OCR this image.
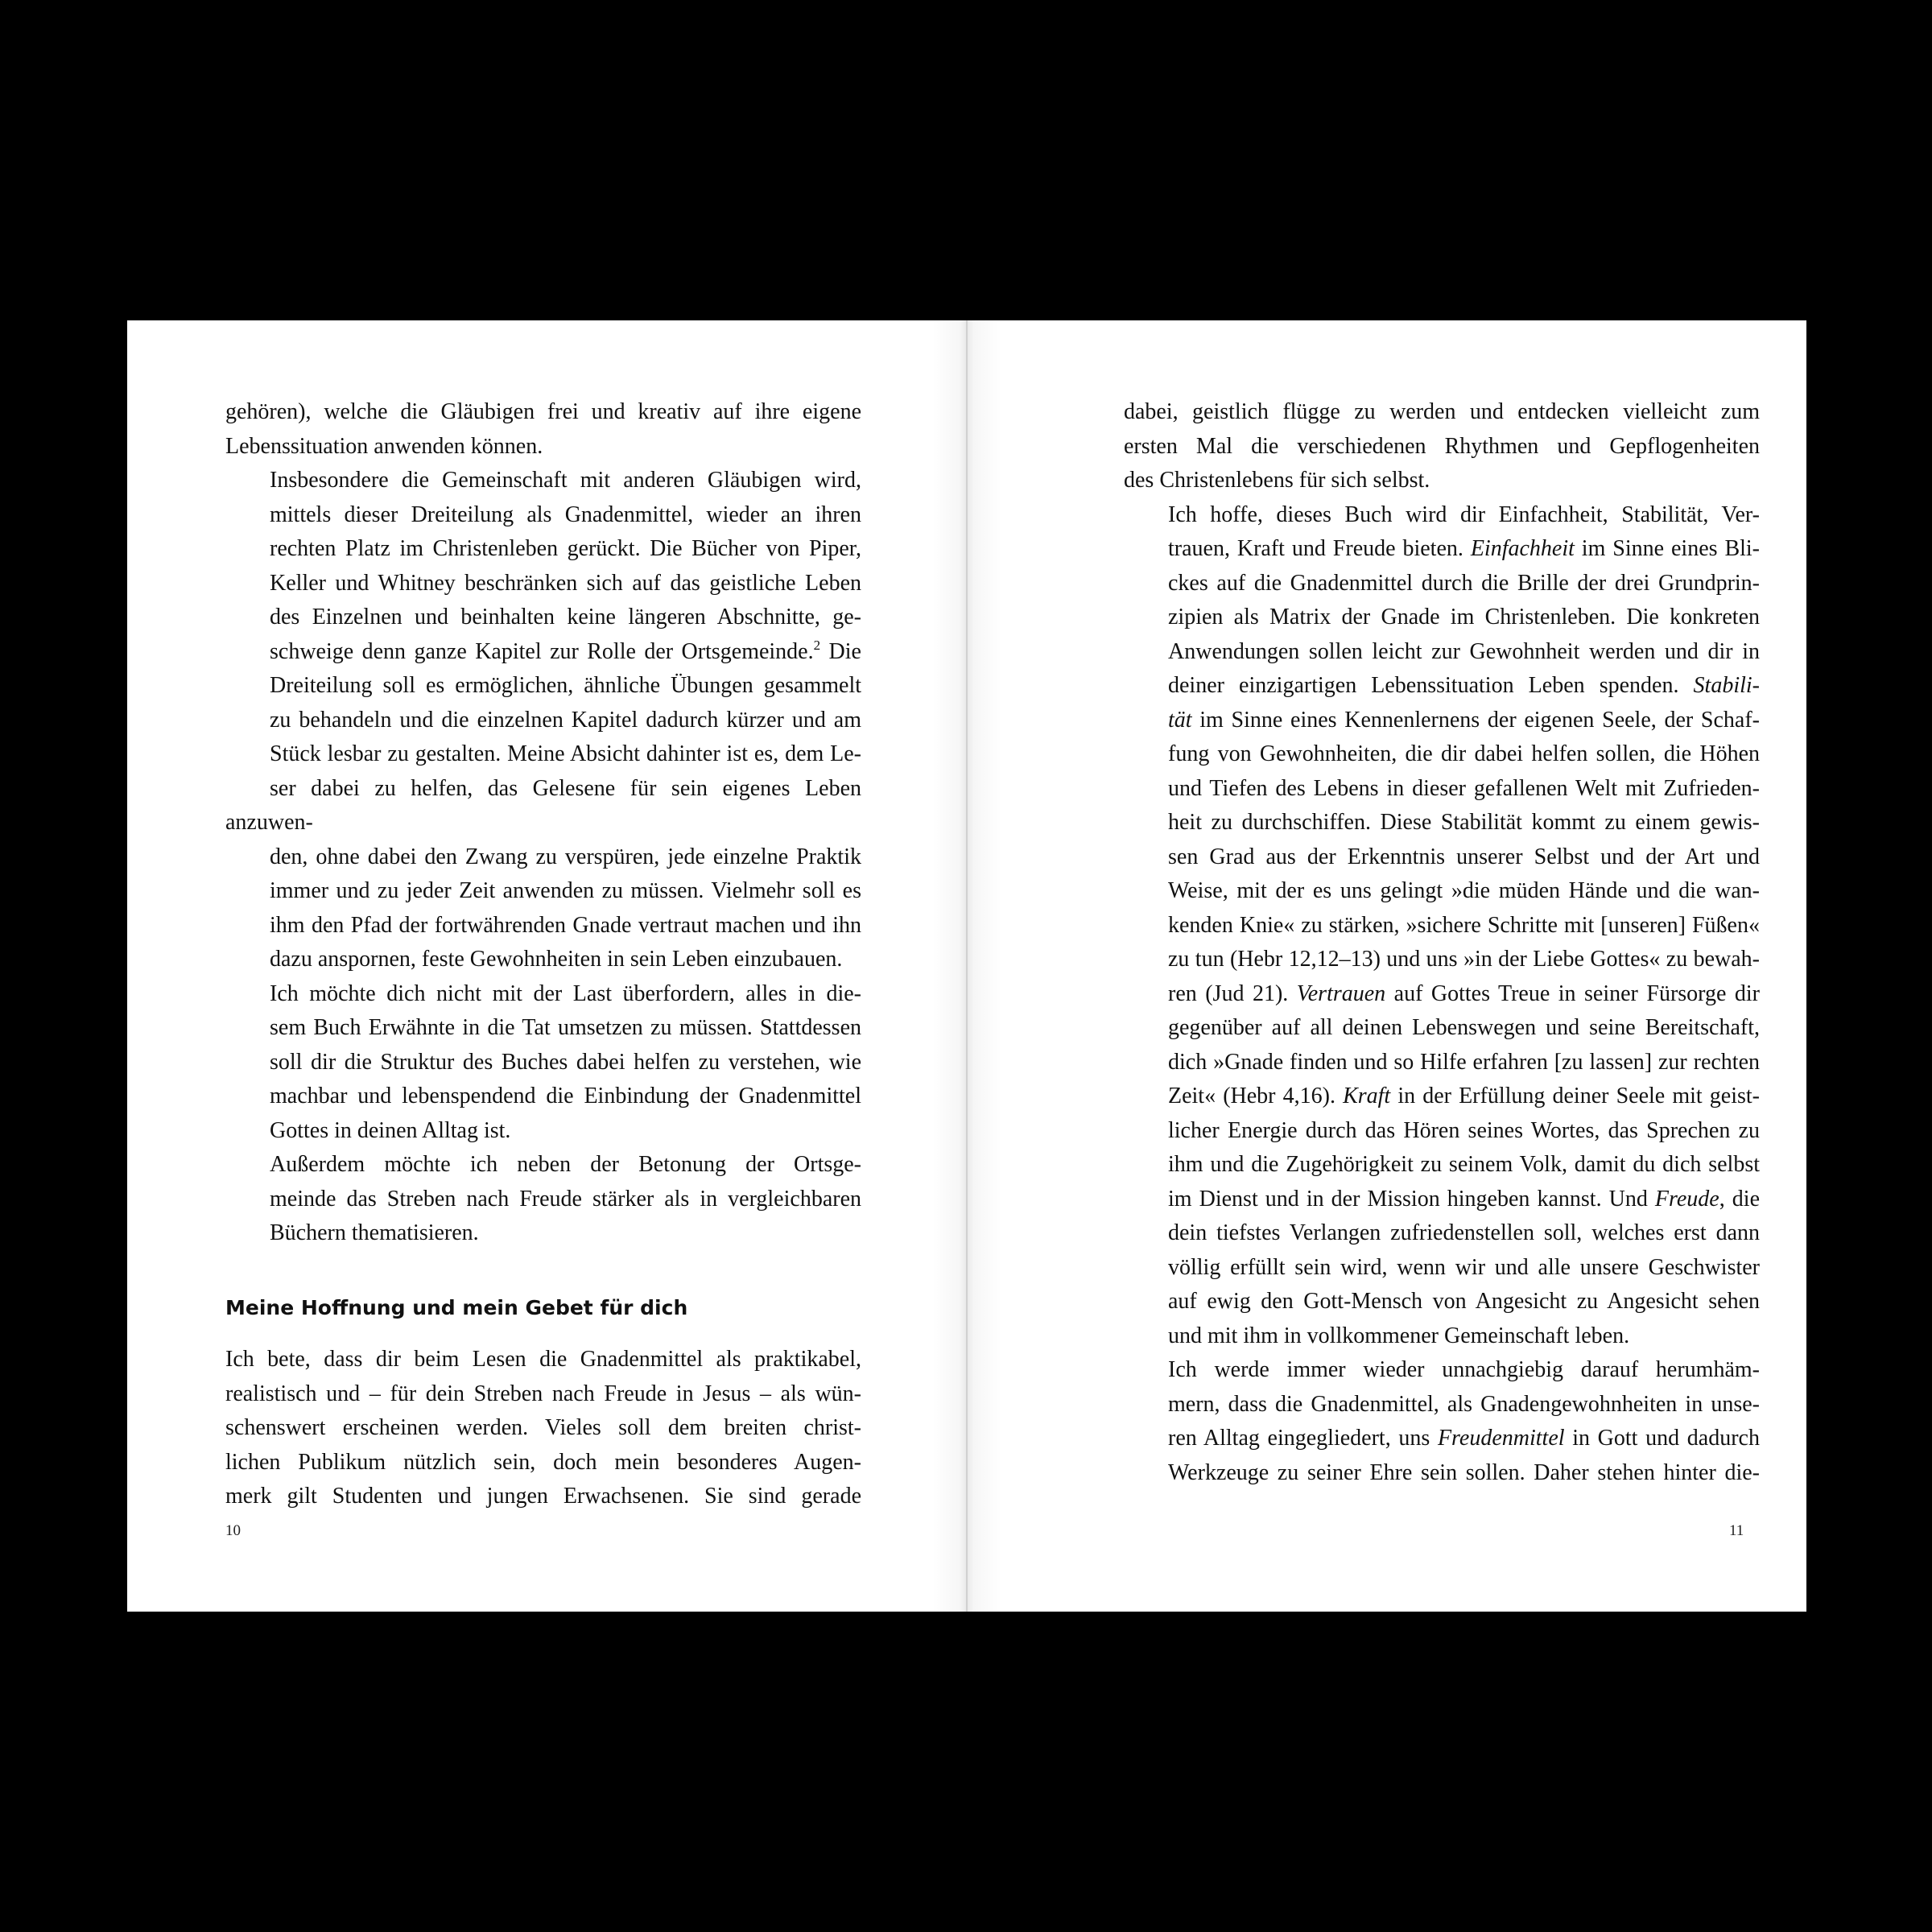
gehören), welche die Gläubigen frei und kreativ auf ihre eigene
Lebenssituation anwenden können.

Insbesondere die Gemeinschaft mit anderen Gläubigen wird,
mittels dieser Dreiteilung als Gnadenmittel, wieder an ihren
rechten Platz im Christenleben gerückt. Die Bücher von Piper,
Keller und Whitney beschränken sich auf das geistliche Leben
des Einzelnen und beinhalten keine längeren Abschnitte, ge-
schweige denn ganze Kapitel zur Rolle der Ortsgemeinde.$^2$ Die
Dreiteilung soll es ermöglichen, ähnliche Übungen gesammelt
zu behandeln und die einzelnen Kapitel dadurch kürzer und am
Stück lesbar zu gestalten. Meine Absicht dahinter ist es, dem Le-
ser dabei zu helfen, das Gelesene für sein eigenes Leben anzuwen-
den, ohne dabei den Zwang zu verspüren, jede einzelne Praktik
immer und zu jeder Zeit anwenden zu müssen. Vielmehr soll es
ihm den Pfad der fortwährenden Gnade vertraut machen und ihn
dazu anspornen, feste Gewohnheiten in sein Leben einzubauen.

Ich möchte dich nicht mit der Last überfordern, alles in die-
sem Buch Erwähnte in die Tat umsetzen zu müssen. Stattdessen
soll dir die Struktur des Buches dabei helfen zu verstehen, wie
machbar und lebenspendend die Einbindung der Gnadenmittel
Gottes in deinen Alltag ist.

Außerdem möchte ich neben der Betonung der Ortsge-
meinde das Streben nach Freude stärker als in vergleichbaren
Büchern thematisieren.

Meine Hoffnung und mein Gebet für dich

Ich bete, dass dir beim Lesen die Gnadenmittel als praktikabel,
realistisch und – für dein Streben nach Freude in Jesus – als wün-
schenswert erscheinen werden. Vieles soll dem breiten christ-
lichen Publikum nützlich sein, doch mein besonderes Augen-
merk gilt Studenten und jungen Erwachsenen. Sie sind gerade

10

dabei, geistlich flügge zu werden und entdecken vielleicht zum
ersten Mal die verschiedenen Rhythmen und Gepflogenheiten
des Christenlebens für sich selbst.

Ich hoffe, dieses Buch wird dir Einfachheit, Stabilität, Ver-
trauen, Kraft und Freude bieten. Einfachheit im Sinne eines Bli-
ckes auf die Gnadenmittel durch die Brille der drei Grundprin-
zipien als Matrix der Gnade im Christenleben. Die konkreten
Anwendungen sollen leicht zur Gewohnheit werden und dir in
deiner einzigartigen Lebenssituation Leben spenden. Stabili-
tät im Sinne eines Kennenlernens der eigenen Seele, der Schaf-
fung von Gewohnheiten, die dir dabei helfen sollen, die Höhen
und Tiefen des Lebens in dieser gefallenen Welt mit Zufrieden-
heit zu durchschiffen. Diese Stabilität kommt zu einem gewis-
sen Grad aus der Erkenntnis unserer Selbst und der Art und
Weise, mit der es uns gelingt »die müden Hände und die wan-
kenden Knie« zu stärken, »sichere Schritte mit [unseren] Füßen«
zu tun (Hebr 12,12–13) und uns »in der Liebe Gottes« zu bewah-
ren (Jud 21). Vertrauen auf Gottes Treue in seiner Fürsorge dir
gegenüber auf all deinen Lebenswegen und seine Bereitschaft,
dich »Gnade finden und so Hilfe erfahren [zu lassen] zur rechten
Zeit« (Hebr 4,16). Kraft in der Erfüllung deiner Seele mit geist-
licher Energie durch das Hören seines Wortes, das Sprechen zu
ihm und die Zugehörigkeit zu seinem Volk, damit du dich selbst
im Dienst und in der Mission hingeben kannst. Und Freude, die
dein tiefstes Verlangen zufriedenstellen soll, welches erst dann
völlig erfüllt sein wird, wenn wir und alle unsere Geschwister
auf ewig den Gott-Mensch von Angesicht zu Angesicht sehen
und mit ihm in vollkommener Gemeinschaft leben.

Ich werde immer wieder unnachgiebig darauf herumhäm-
mern, dass die Gnadenmittel, als Gnadengewohnheiten in unse-
ren Alltag eingegliedert, uns Freudenmittel in Gott und dadurch
Werkzeuge zu seiner Ehre sein sollen. Daher stehen hinter die-

11
